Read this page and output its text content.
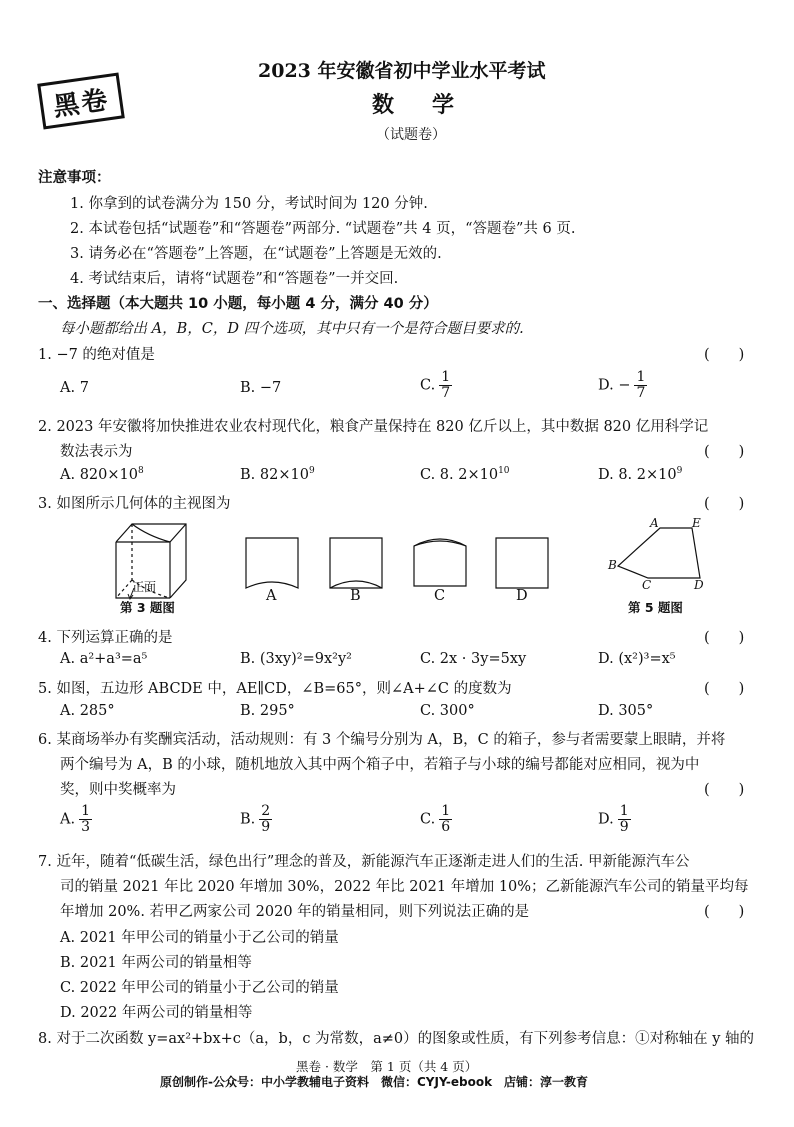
黑卷
2023 年安徽省初中学业水平考试
数学
（试题卷）
注意事项：
1. 你拿到的试卷满分为 150 分，考试时间为 120 分钟.
2. 本试卷包括“试题卷”和“答题卷”两部分. “试题卷”共 4 页，“答题卷”共 6 页.
3. 请务必在“答题卷”上答题，在“试题卷”上答题是无效的.
4. 考试结束后，请将“试题卷”和“答题卷”一并交回.
一、选择题（本大题共 10 小题，每小题 4 分，满分 40 分）
每小题都给出 A，B，C，D 四个选项，其中只有一个是符合题目要求的.
1. −7 的绝对值是	(　　)
A. 7	B. −7	C. $\frac{1}{7}$	D. − $\frac{1}{7}$
2. 2023 年安徽将加快推进农业农村现代化，粮食产量保持在 820 亿斤以上，其中数据 820 亿用科学记
数法表示为	(　　)
A. $820\times 10^8$	B. $82\times 10^9$	C. 8. $2\times 10^{10}$	D. 8. $2\times 10^9$
3. 如图所示几何体的主视图为	(　　)
正面
第 3 题图
A	B	C	D
A	E
B
C	D
第 5 题图
4. 下列运算正确的是	(　　)
A. a²+a³=a⁵	B. (3xy)²=9x²y²	C. 2x · 3y=5xy	D. (x²)³=x⁵
5. 如图，五边形 ABCDE 中，AE∥CD，∠B=65°，则∠A+∠C 的度数为	(　　)
A. 285°	B. 295°	C. 300°	D. 305°
6. 某商场举办有奖酬宾活动，活动规则：有 3 个编号分别为 A，B，C 的箱子，参与者需要蒙上眼睛，并将
两个编号为 A，B 的小球，随机地放入其中两个箱子中，若箱子与小球的编号都能对应相同，视为中
奖，则中奖概率为	(　　)
A. $\frac{1}{3}$	B. $\frac{2}{9}$	C. $\frac{1}{6}$	D. $\frac{1}{9}$
7. 近年，随着“低碳生活，绿色出行”理念的普及，新能源汽车正逐渐走进人们的生活. 甲新能源汽车公
司的销量 2021 年比 2020 年增加 30%，2022 年比 2021 年增加 10%；乙新能源汽车公司的销量平均每
年增加 20%. 若甲乙两家公司 2020 年的销量相同，则下列说法正确的是	(　　)
A. 2021 年甲公司的销量小于乙公司的销量
B. 2021 年两公司的销量相等
C. 2022 年甲公司的销量小于乙公司的销量
D. 2022 年两公司的销量相等
8. 对于二次函数 y=ax²+bx+c（a，b，c 为常数，a≠0）的图象或性质，有下列参考信息：①对称轴在 y 轴的
黑卷 · 数学　第 1 页（共 4 页）
原创制作-公众号：中小学教辅电子资料　微信：CYJY-ebook　店铺：淳一教育
